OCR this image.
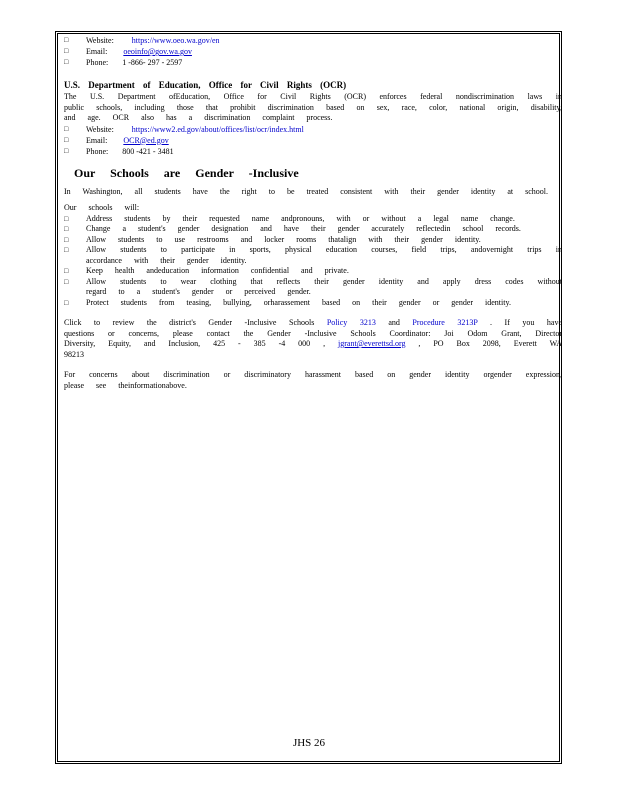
□	Website: https://www.oeo.wa.gov/en
□	Email: oeoinfo@gov.wa.gov
□	Phone: 1 -866- 297 - 2597
U.S. Department of Education, Office for Civil Rights (OCR)
The U.S. Department ofEducation, Office for Civil Rights (OCR) enforces federal nondiscrimination laws in public schools, including those that prohibit discrimination based on sex, race, color, national origin, disability, and age. OCR also has a discrimination complaint process.
□	Website: https://www2.ed.gov/about/offices/list/ocr/index.html
□	Email: OCR@ed.gov
□	Phone: 800 -421 - 3481
Our Schools are Gender -Inclusive
In Washington, all students have the right to be treated consistent with their gender identity at school.
Our schools will:
□	Address students by their requested name andpronouns, with or without a legal name change.
□	Change a student's gender designation and have their gender accurately reflectedin school records.
□	Allow students to use restrooms and locker rooms thatalign with their gender identity.
□	Allow students to participate in sports, physical education courses, field trips, andovernight trips in accordance with their gender identity.
□	Keep health andeducation information confidential and private.
□	Allow students to wear clothing that reflects their gender identity and apply dress codes without regard to a student's gender or perceived gender.
□	Protect students from teasing, bullying, orharassement based on their gender or gender identity.
Click to review the district's Gender -Inclusive Schools Policy 3213 and Procedure 3213P . If you have questions or concerns, please contact the Gender -Inclusive Schools Coordinator: Joi Odom Grant, Director Diversity, Equity, and Inclusion, 425 - 385 -4 000 , jgrant@everettsd.org , PO Box 2098, Everett WA 98213
For concerns about discrimination or discriminatory harassment based on gender identity orgender expression, please see theinformationabove.
JHS 26
